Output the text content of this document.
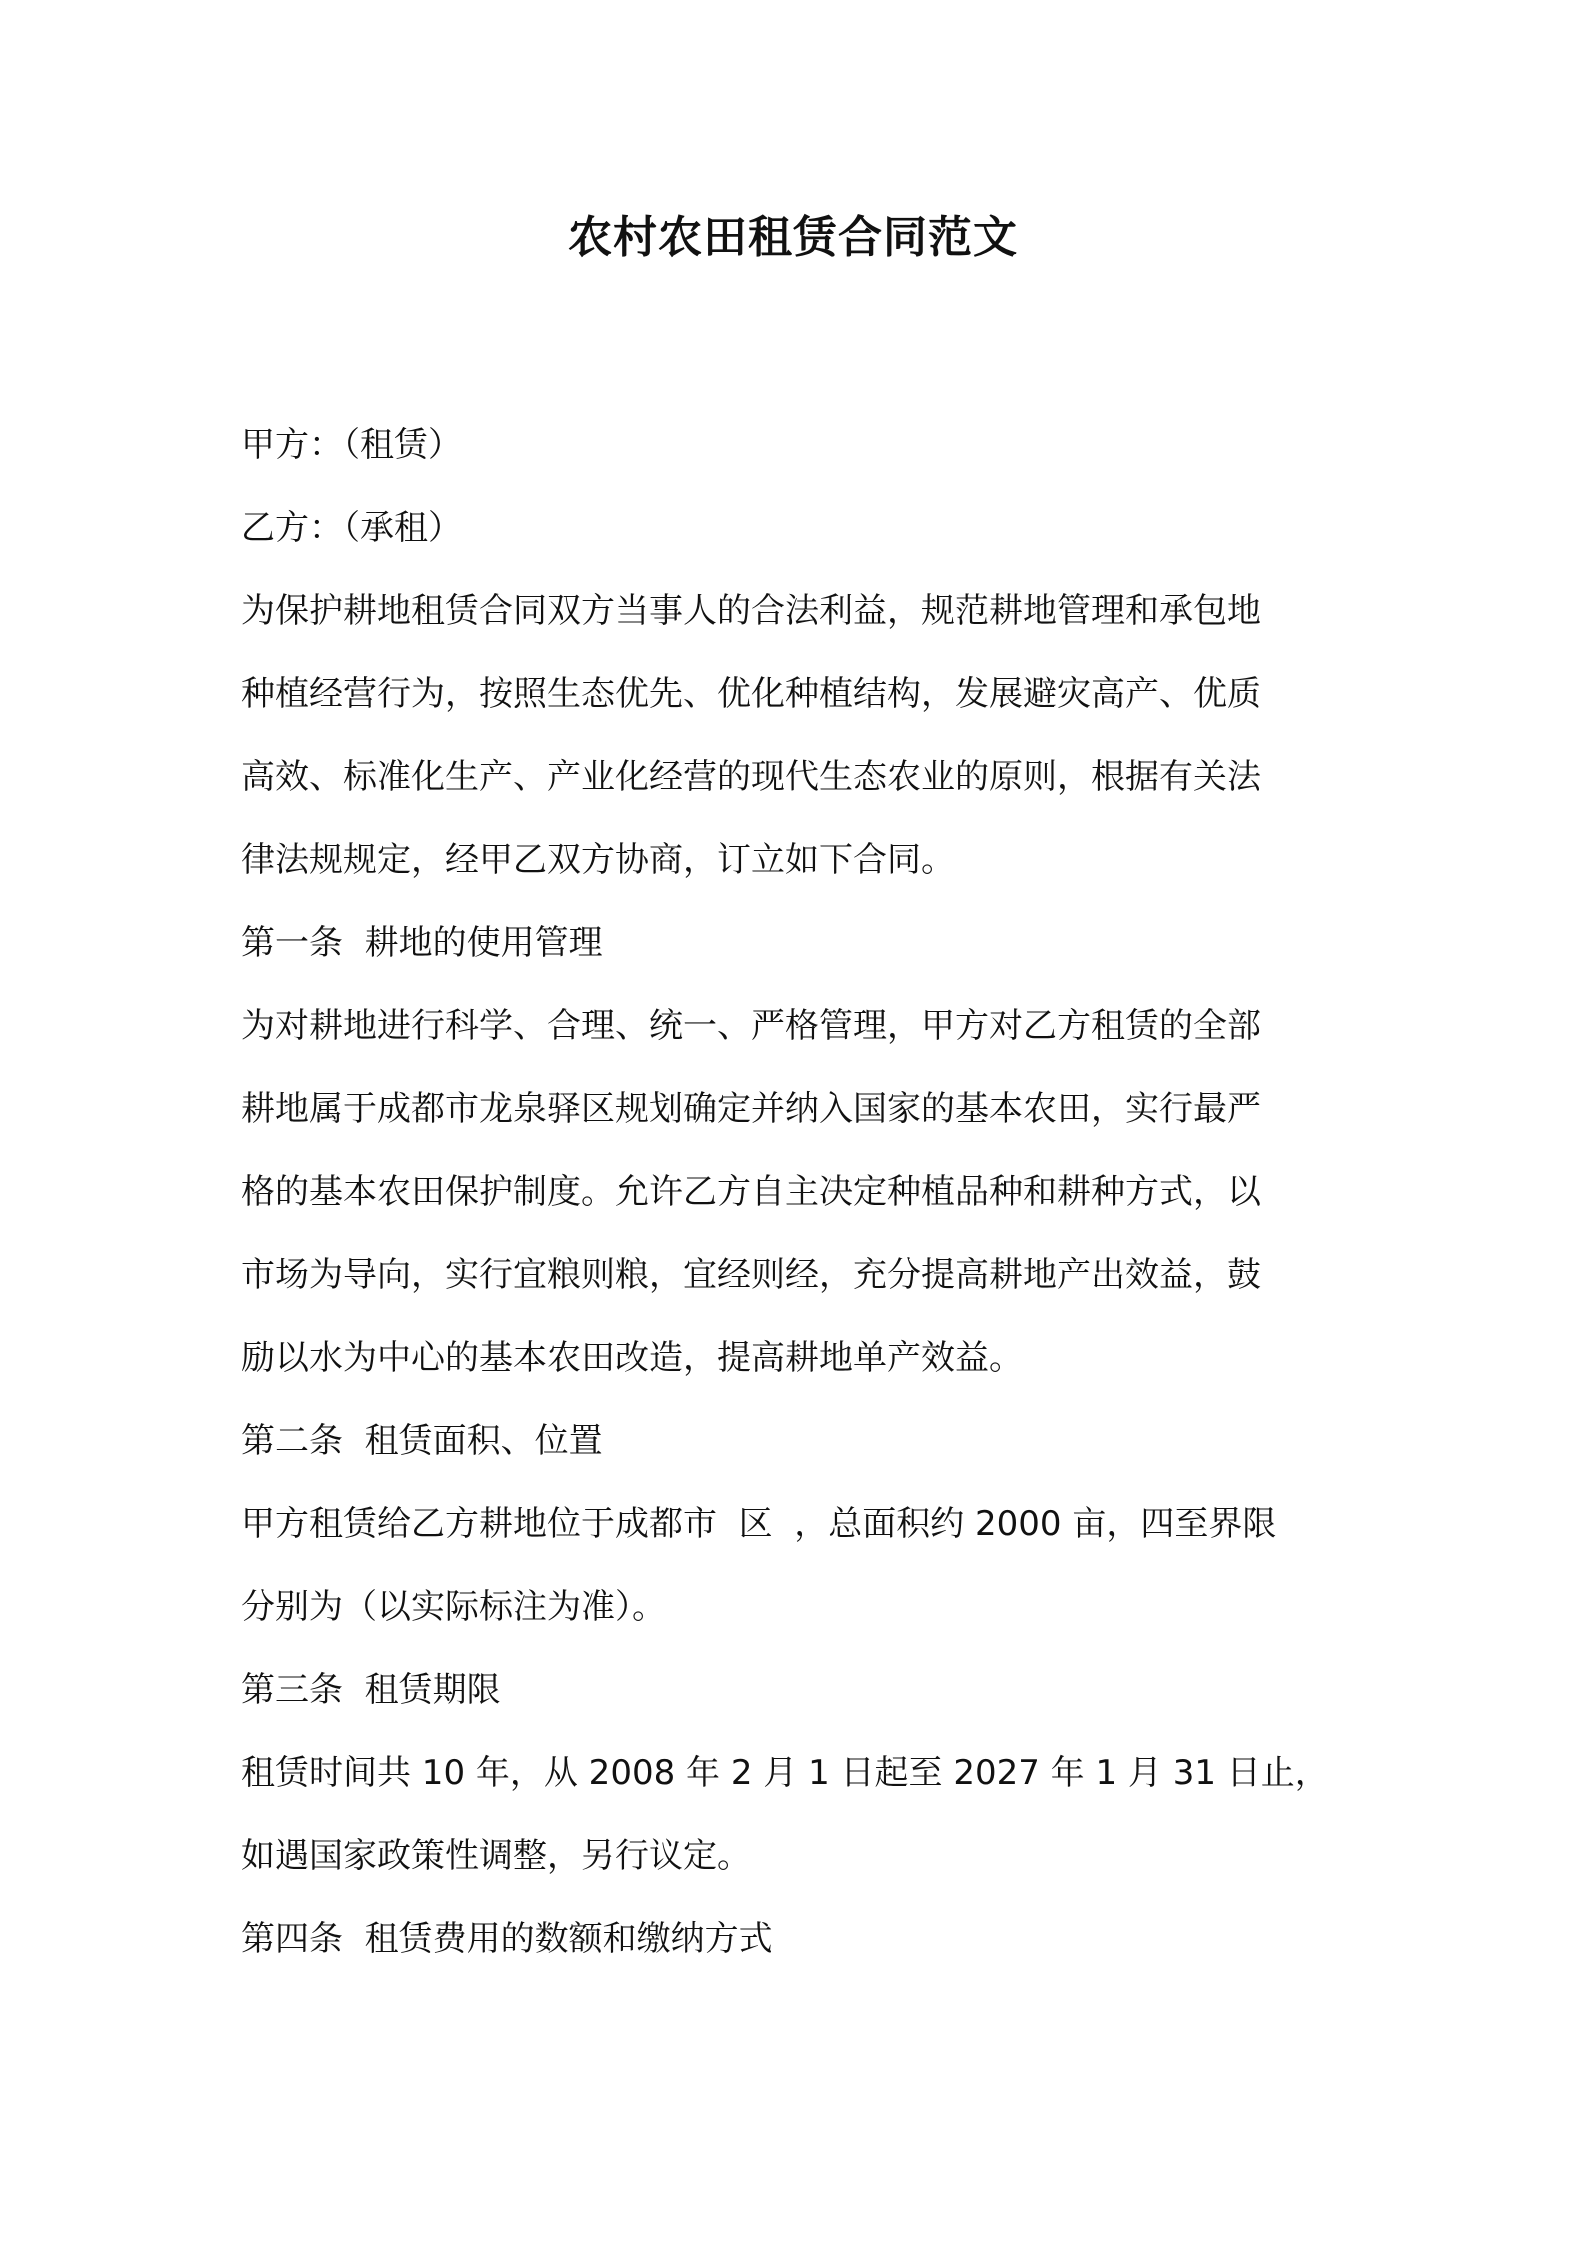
农村农田租赁合同范文

甲方：（租赁）

乙方：（承租）

为保护耕地租赁合同双方当事人的合法利益，规范耕地管理和承包地

种植经营行为，按照生态优先、优化种植结构，发展避灾高产、优质

高效、标准化生产、产业化经营的现代生态农业的原则，根据有关法

律法规规定，经甲乙双方协商，订立如下合同。

第一条  耕地的使用管理

为对耕地进行科学、合理、统一、严格管理，甲方对乙方租赁的全部

耕地属于成都市龙泉驿区规划确定并纳入国家的基本农田，实行最严

格的基本农田保护制度。允许乙方自主决定种植品种和耕种方式，以

市场为导向，实行宜粮则粮，宜经则经，充分提高耕地产出效益，鼓

励以水为中心的基本农田改造，提高耕地单产效益。

第二条  租赁面积、位置

甲方租赁给乙方耕地位于成都市  区  ，总面积约 2000 亩，四至界限

分别为（以实际标注为准）。

第三条  租赁期限

租赁时间共 10 年，从 2008 年 2 月 1 日起至 2027 年 1 月 31 日止，

如遇国家政策性调整，另行议定。

第四条  租赁费用的数额和缴纳方式
